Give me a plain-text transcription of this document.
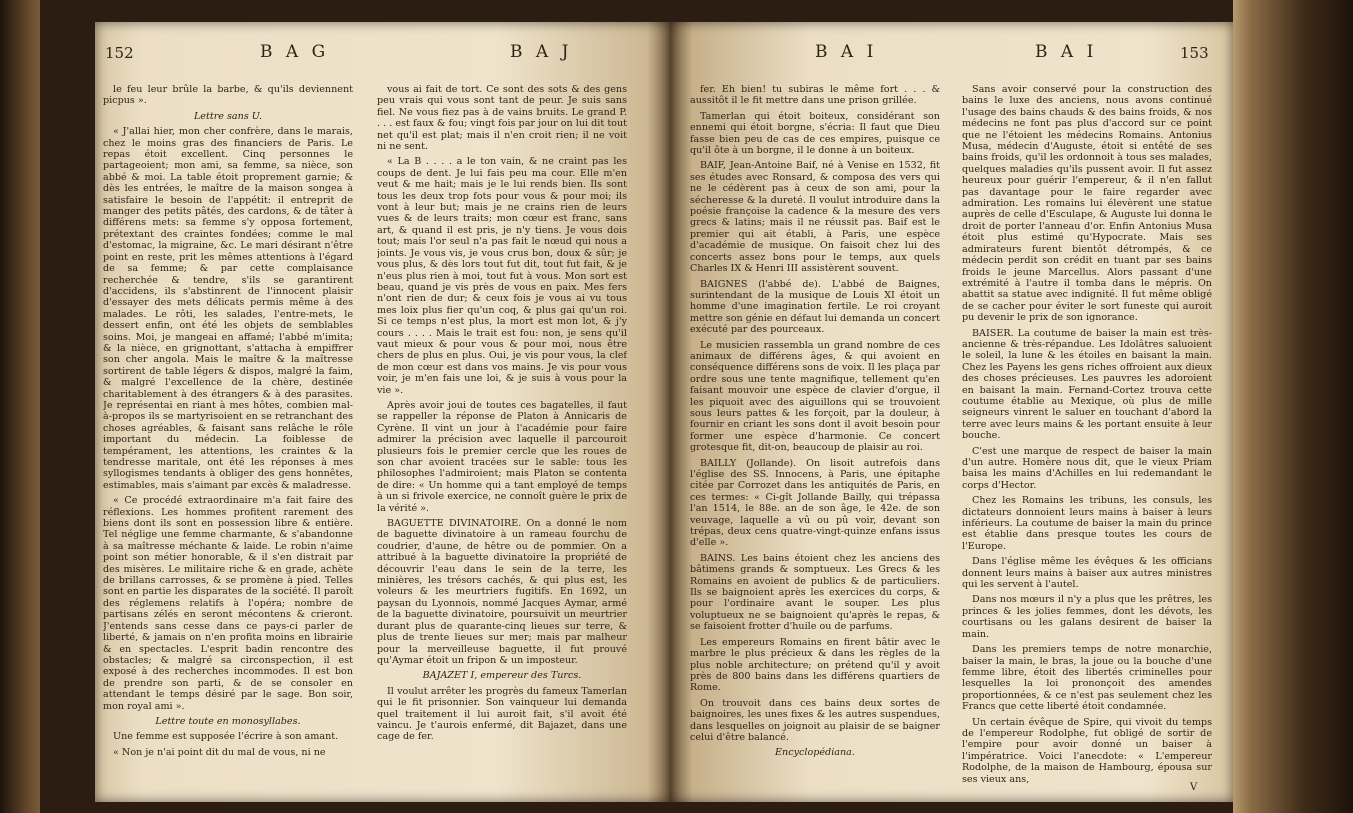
152	B A G	B A J

le feu leur brûle la barbe, & qu'ils deviennent picpus ».

Lettre sans U.

« J'allai hier, mon cher confrère, dans le marais, chez le moins gras des financiers de Paris. Le repas étoit excellent. Cinq personnes le partageoient; mon ami, sa femme, sa nièce, son abbé & moi. La table étoit proprement garnie; & dès les entrées, le maître de la maison songea à satisfaire le besoin de l'appétit: il entreprit de manger des petits pâtés, des cardons, & de tâter à différens mets: sa femme s'y opposa fortement, prétextant des craintes fondées; comme le mal d'estomac, la migraine, &c. Le mari désirant n'être point en reste, prit les mêmes attentions à l'égard de sa femme; & par cette complaisance recherchée & tendre, s'ils se garantirent d'accidens, ils s'abstinrent de l'innocent plaisir d'essayer des mets délicats permis même à des malades. Le rôti, les salades, l'entre-mets, le dessert enfin, ont été les objets de semblables soins. Moi, je mangeai en affamé; l'abbé m'imita; & la nièce, en grignottant, s'attacha à empiffrer son cher angola. Mais le maître & la maîtresse sortirent de table légers & dispos, malgré la faim, & malgré l'excellence de la chère, destinée charitablement à des étrangers & à des parasites. Je représentai en riant à mes hôtes, combien mal-à-propos ils se martyrisoient en se retranchant des choses agréables, & faisant sans relâche le rôle important du médecin. La foiblesse de tempérament, les attentions, les craintes & la tendresse maritale, ont été les réponses à mes syllogismes tendants à obliger des gens honnêtes, estimables, mais s'aimant par excès & maladresse.

« Ce procédé extraordinaire m'a fait faire des réflexions. Les hommes profitent rarement des biens dont ils sont en possession libre & entière. Tel néglige une femme charmante, & s'abandonne à sa maîtresse méchante & laide. Le robin n'aime point son métier honorable, & il s'en distrait par des misères. Le militaire riche & en grade, achète de brillans carrosses, & se promène à pied. Telles sont en partie les disparates de la société. Il paroît des réglemens relatifs à l'opéra; nombre de partisans zélés en seront mécontens & crieront. J'entends sans cesse dans ce pays-ci parler de liberté, & jamais on n'en profita moins en librairie & en spectacles. L'esprit badin rencontre des obstacles; & malgré sa circonspection, il est exposé à des recherches incommodes. Il est bon de prendre son parti, & de se consoler en attendant le temps désiré par le sage. Bon soir, mon royal ami ».

Lettre toute en monosyllabes.

Une femme est supposée l'écrire à son amant.

« Non je n'ai point dit du mal de vous, ni ne

vous ai fait de tort. Ce sont des sots & des gens peu vrais qui vous sont tant de peur. Je suis sans fiel. Ne vous fiez pas à de vains bruits. Le grand P. . . . est faux & fou; vingt fois par jour on lui dit tout net qu'il est plat; mais il n'en croit rien; il ne voit ni ne sent.

« La B . . . . a le ton vain, & ne craint pas les coups de dent. Je lui fais peu ma cour. Elle m'en veut & me hait; mais je le lui rends bien. Ils sont tous les deux trop fots pour vous & pour moi; ils vont à leur but; mais je ne crains rien de leurs vues & de leurs traits; mon cœur est franc, sans art, & quand il est pris, je n'y tiens. Je vous dois tout; mais l'or seul n'a pas fait le nœud qui nous a joints. Je vous vis, je vous crus bon, doux & sûr; je vous plus, & dès lors tout fut dit, tout fut fait, & je n'eus plus rien à moi, tout fut à vous. Mon sort est beau, quand je vis près de vous en paix. Mes fers n'ont rien de dur; & ceux fois je vous ai vu tous mes loix plus fier qu'un coq, & plus gai qu'un roi. Si ce temps n'est plus, la mort est mon lot, & j'y cours . . . . Mais le trait est fou: non, je sens qu'il vaut mieux & pour vous & pour moi, nous être chers de plus en plus. Oui, je vis pour vous, la clef de mon cœur est dans vos mains. Je vis pour vous voir, je m'en fais une loi, & je suis à vous pour la vie ».

Après avoir joui de toutes ces bagatelles, il faut se rappeller la réponse de Platon à Annicaris de Cyrène. Il vint un jour à l'académie pour faire admirer la précision avec laquelle il parcouroit plusieurs fois le premier cercle que les roues de son char avoient tracées sur le sable: tous les philosophes l'admiroient; mais Platon se contenta de dire: « Un homme qui a tant employé de temps à un si frivole exercice, ne connoît guère le prix de la vérité ».

BAGUETTE DIVINATOIRE. On a donné le nom de baguette divinatoire à un rameau fourchu de coudrier, d'aune, de hêtre ou de pommier. On a attribué à la baguette divinatoire la propriété de découvrir l'eau dans le sein de la terre, les minières, les trésors cachés, & qui plus est, les voleurs & les meurtriers fugitifs. En 1692, un paysan du Lyonnois, nommé Jacques Aymar, armé de la baguette divinatoire, poursuivit un meurtrier durant plus de quarante-cinq lieues sur terre, & plus de trente lieues sur mer; mais par malheur pour la merveilleuse baguette, il fut prouvé qu'Aymar étoit un fripon & un imposteur.

BAJAZET I, empereur des Turcs.

Il voulut arrêter les progrès du fameux Tamerlan qui le fit prisonnier. Son vainqueur lui demanda quel traitement il lui auroit fait, s'il avoit été vaincu. Je t'aurois enfermé, dit Bajazet, dans une cage de fer.

B A I	B A I	153

fer. Eh bien! tu subiras le même fort . . . & aussitôt il le fit mettre dans une prison grillée.

Tamerlan qui étoit boiteux, considérant son ennemi qui étoit borgne, s'écria: Il faut que Dieu fasse bien peu de cas de ces empires, puisque ce qu'il ôte à un borgne, il le donne à un boiteux.

BAIF, Jean-Antoine Baif, né à Venise en 1532, fit ses études avec Ronsard, & composa des vers qui ne le cédèrent pas à ceux de son ami, pour la sécheresse & la dureté. Il voulut introduire dans la poésie françoise la cadence & la mesure des vers grecs & latins; mais il ne réussit pas. Baif est le premier qui ait établi, à Paris, une espèce d'académie de musique. On faisoit chez lui des concerts assez bons pour le temps, aux quels Charles IX & Henri III assistèrent souvent.

BAIGNES (l'abbé de). L'abbé de Baignes, surintendant de la musique de Louis XI étoit un homme d'une imagination fertile. Le roi croyant mettre son génie en défaut lui demanda un concert exécuté par des pourceaux.

Le musicien rassembla un grand nombre de ces animaux de différens âges, & qui avoient en conséquence différens sons de voix. Il les plaça par ordre sous une tente magnifique, tellement qu'en faisant mouvoir une espèce de clavier d'orgue, il les piquoit avec des aiguillons qui se trouvoient sous leurs pattes & les forçoit, par la douleur, à fournir en criant les sons dont il avoit besoin pour former une espèce d'harmonie. Ce concert grotesque fit, dit-on, beaucoup de plaisir au roi.

BAILLY (Jollande). On lisoit autrefois dans l'église des SS. Innocens, à Paris, une épitaphe citée par Corrozet dans les antiquités de Paris, en ces termes: « Ci-gît Jollande Bailly, qui trépassa l'an 1514, le 88e. an de son âge, le 42e. de son veuvage, laquelle a vû ou pû voir, devant son trépas, deux cens quatre-vingt-quinze enfans issus d'elle ».

BAINS. Les bains étoient chez les anciens des bâtimens grands & somptueux. Les Grecs & les Romains en avoient de publics & de particuliers. Ils se baignoient après les exercices du corps, & pour l'ordinaire avant le souper. Les plus voluptueux ne se baignoient qu'après le repas, & se faisoient frotter d'huile ou de parfums.

Les empereurs Romains en firent bâtir avec le marbre le plus précieux & dans les règles de la plus noble architecture; on prétend qu'il y avoit près de 800 bains dans les différens quartiers de Rome.

On trouvoit dans ces bains deux sortes de baignoires, les unes fixes & les autres suspendues, dans lesquelles on joignoit au plaisir de se baigner celui d'être balancé.

Encyclopédiana.

Sans avoir conservé pour la construction des bains le luxe des anciens, nous avons continué l'usage des bains chauds & des bains froids, & nos médecins ne font pas plus d'accord sur ce point que ne l'étoient les médecins Romains. Antonius Musa, médecin d'Auguste, étoit si entêté de ses bains froids, qu'il les ordonnoit à tous ses malades, quelques maladies qu'ils pussent avoir. Il fut assez heureux pour guérir l'empereur, & il n'en fallut pas davantage pour le faire regarder avec admiration. Les romains lui élevèrent une statue auprès de celle d'Esculape, & Auguste lui donna le droit de porter l'anneau d'or. Enfin Antonius Musa étoit plus estimé qu'Hypocrate. Mais ses admirateurs furent bientôt détrompés, & ce médecin perdit son crédit en tuant par ses bains froids le jeune Marcellus. Alors passant d'une extrémité à l'autre il tomba dans le mépris. On abattit sa statue avec indignité. Il fut même obligé de se cacher pour éviter le sort funeste qui auroit pu devenir le prix de son ignorance.

BAISER. La coutume de baiser la main est très-ancienne & très-répandue. Les Idolâtres saluoient le soleil, la lune & les étoiles en baisant la main. Chez les Payens les gens riches offroient aux dieux des choses précieuses. Les pauvres les adoroient en baisant la main. Fernand-Cortez trouva cette coutume établie au Mexique, où plus de mille seigneurs vinrent le saluer en touchant d'abord la terre avec leurs mains & les portant ensuite à leur bouche.

C'est une marque de respect de baiser la main d'un autre. Homère nous dit, que le vieux Priam baisa les mains d'Achilles en lui redemandant le corps d'Hector.

Chez les Romains les tribuns, les consuls, les dictateurs donnoient leurs mains à baiser à leurs inférieurs. La coutume de baiser la main du prince est établie dans presque toutes les cours de l'Europe.

Dans l'église même les évêques & les officians donnent leurs mains à baiser aux autres ministres qui les servent à l'autel.

Dans nos mœurs il n'y a plus que les prêtres, les princes & les jolies femmes, dont les dévots, les courtisans ou les galans desirent de baiser la main.

Dans les premiers temps de notre monarchie, baiser la main, le bras, la joue ou la bouche d'une femme libre, étoit des libertés criminelles pour lesquelles la loi prononçoit des amendes proportionnées, & ce n'est pas seulement chez les Francs que cette liberté étoit condamnée.

Un certain évêque de Spire, qui vivoit du temps de l'empereur Rodolphe, fut obligé de sortir de l'empire pour avoir donné un baiser à l'impératrice. Voici l'anecdote: « L'empereur Rodolphe, de la maison de Hambourg, épousa sur ses vieux ans,

V
